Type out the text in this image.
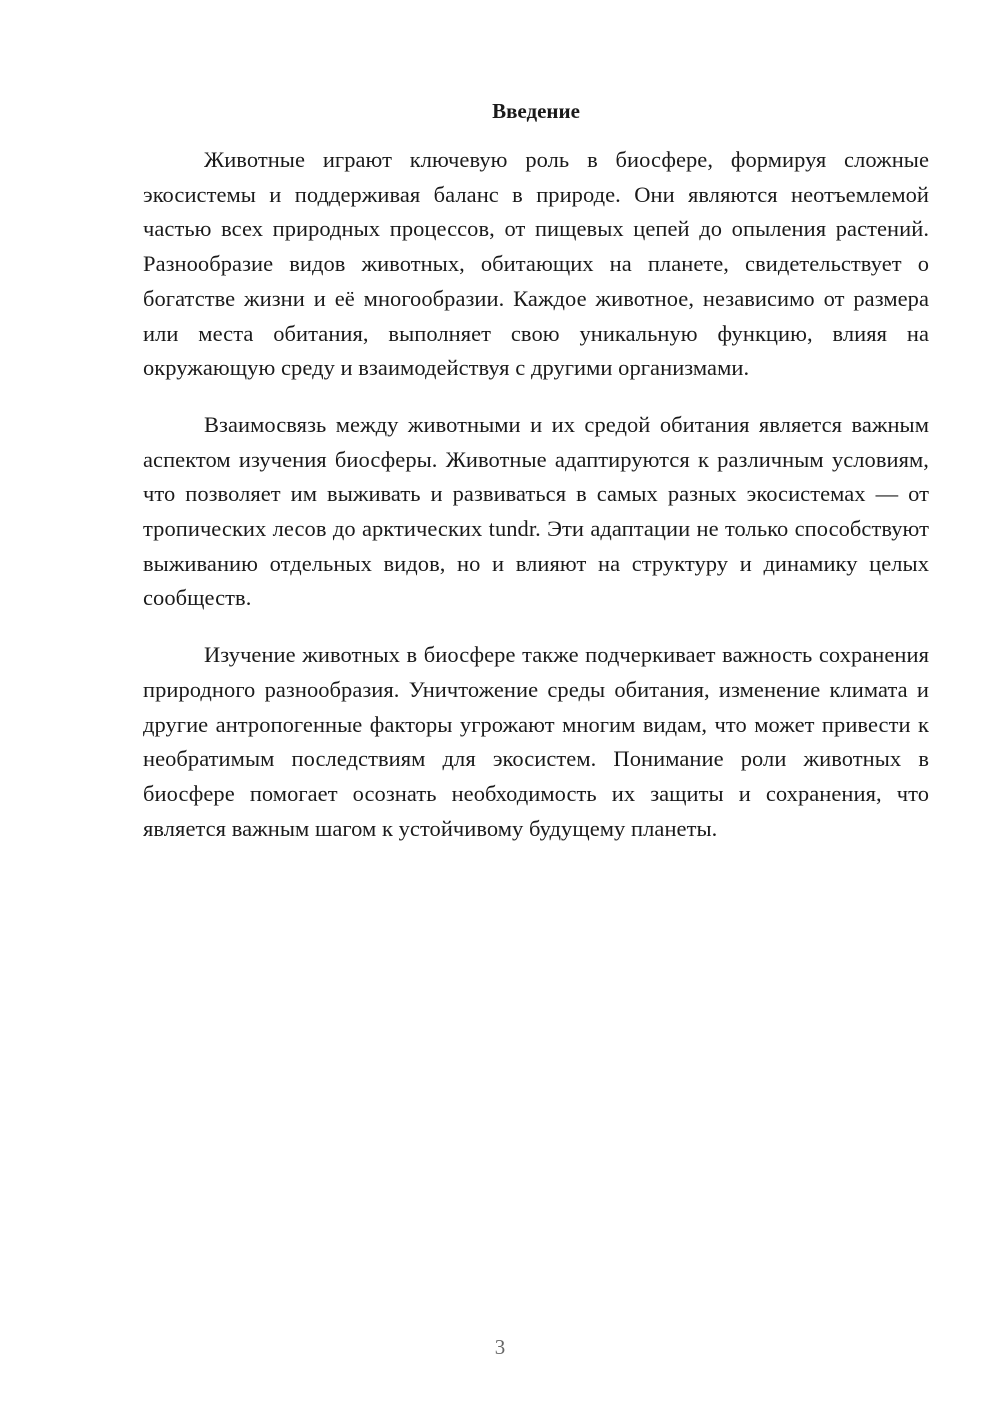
Введение

Животные играют ключевую роль в биосфере, формируя сложные экосистемы и поддерживая баланс в природе. Они являются неотъемлемой частью всех природных процессов, от пищевых цепей до опыления растений. Разнообразие видов животных, обитающих на планете, свидетельствует о богатстве жизни и её многообразии. Каждое животное, независимо от размера или места обитания, выполняет свою уникальную функцию, влияя на окружающую среду и взаимодействуя с другими организмами.

Взаимосвязь между животными и их средой обитания является важным аспектом изучения биосферы. Животные адаптируются к различным условиям, что позволяет им выживать и развиваться в самых разных экосистемах — от тропических лесов до арктических tundr. Эти адаптации не только способствуют выживанию отдельных видов, но и влияют на структуру и динамику целых сообществ.

Изучение животных в биосфере также подчеркивает важность сохранения природного разнообразия. Уничтожение среды обитания, изменение климата и другие антропогенные факторы угрожают многим видам, что может привести к необратимым последствиям для экосистем. Понимание роли животных в биосфере помогает осознать необходимость их защиты и сохранения, что является важным шагом к устойчивому будущему планеты.

3
